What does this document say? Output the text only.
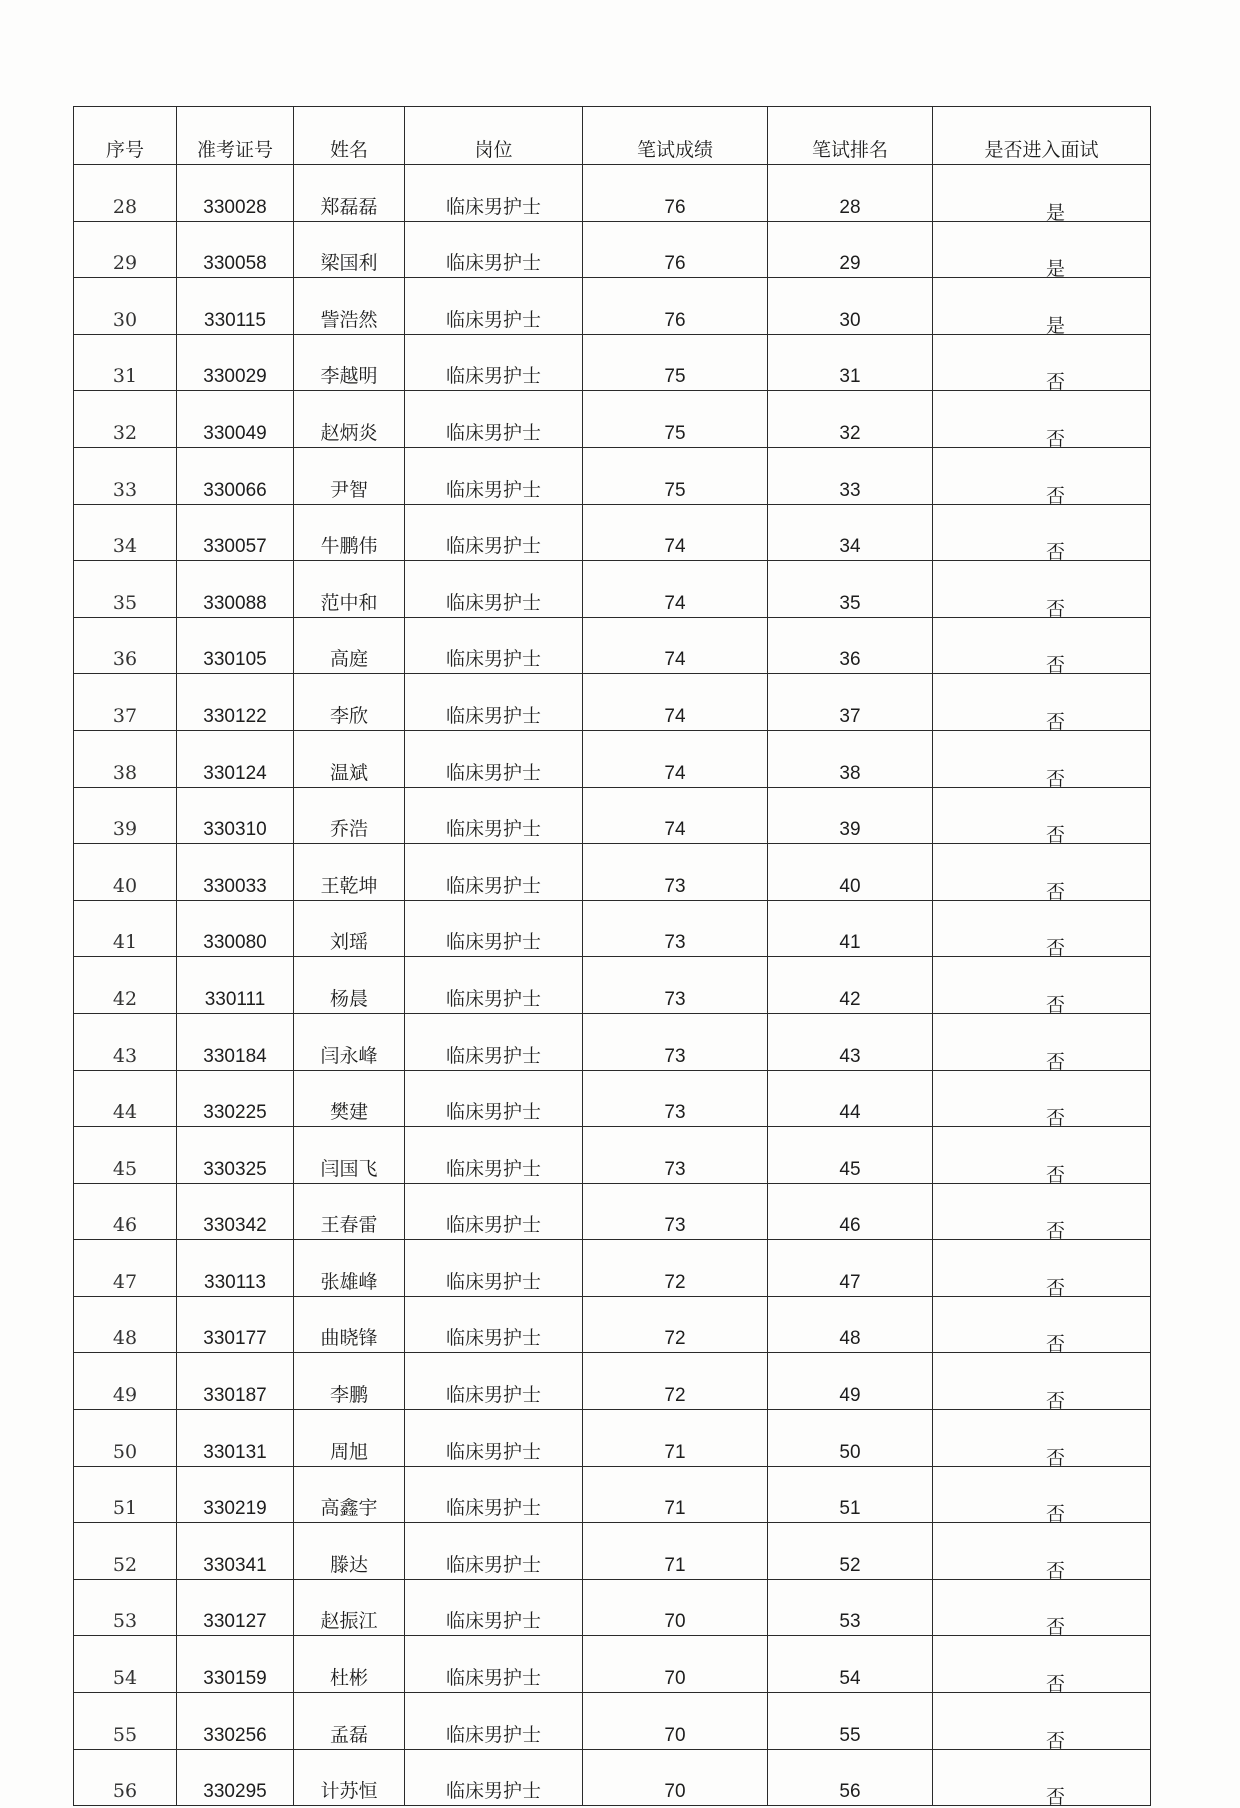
序号	准考证号	姓名	岗位	笔试成绩	笔试排名	是否进入面试
28	330028	郑磊磊	临床男护士	76	28	是
29	330058	梁国利	临床男护士	76	29	是
30	330115	訾浩然	临床男护士	76	30	是
31	330029	李越明	临床男护士	75	31	否
32	330049	赵炳炎	临床男护士	75	32	否
33	330066	尹智	临床男护士	75	33	否
34	330057	牛鹏伟	临床男护士	74	34	否
35	330088	范中和	临床男护士	74	35	否
36	330105	高庭	临床男护士	74	36	否
37	330122	李欣	临床男护士	74	37	否
38	330124	温斌	临床男护士	74	38	否
39	330310	乔浩	临床男护士	74	39	否
40	330033	王乾坤	临床男护士	73	40	否
41	330080	刘瑶	临床男护士	73	41	否
42	330111	杨晨	临床男护士	73	42	否
43	330184	闫永峰	临床男护士	73	43	否
44	330225	樊建	临床男护士	73	44	否
45	330325	闫国飞	临床男护士	73	45	否
46	330342	王春雷	临床男护士	73	46	否
47	330113	张雄峰	临床男护士	72	47	否
48	330177	曲晓锋	临床男护士	72	48	否
49	330187	李鹏	临床男护士	72	49	否
50	330131	周旭	临床男护士	71	50	否
51	330219	高鑫宇	临床男护士	71	51	否
52	330341	滕达	临床男护士	71	52	否
53	330127	赵振江	临床男护士	70	53	否
54	330159	杜彬	临床男护士	70	54	否
55	330256	孟磊	临床男护士	70	55	否
56	330295	计苏恒	临床男护士	70	56	否
